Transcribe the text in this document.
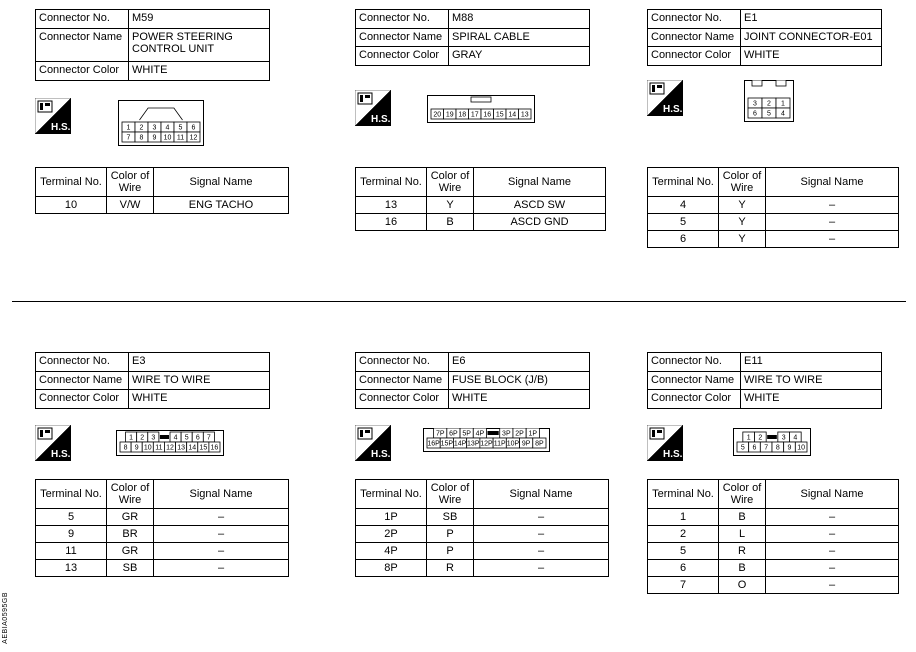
AEBIA0595GB
Connector No.	M59
Connector Name	POWER STEERING CONTROL UNIT
Connector Color	WHITE
H.S.	1 2 3 4 5 6
7 8 9 10 11 12
Terminal No.	Color of Wire	Signal Name
10	V/W	ENG TACHO
Connector No.	M88
Connector Name	SPIRAL CABLE
Connector Color	GRAY
H.S.	20 19 18 17 16 15 14 13
Terminal No.	Color of Wire	Signal Name
13	Y	ASCD SW
16	B	ASCD GND
Connector No.	E1
Connector Name	JOINT CONNECTOR-E01
Connector Color	WHITE
H.S.	3 2 1
6 5 4
Terminal No.	Color of Wire	Signal Name
4	Y	–
5	Y	–
6	Y	–
Connector No.	E3
Connector Name	WIRE TO WIRE
Connector Color	WHITE
H.S.
1 2 3	4 5 6 7
8 9 10 11 12 13 14 15 16
Terminal No.	Color of Wire	Signal Name
5	GR	–
9	BR	–
11	GR	–
13	SB	–
Connector No.	E6
Connector Name	FUSE BLOCK (J/B)
Connector Color	WHITE
H.S.
7P 6P 5P 4P	3P 2P 1P
16P 15P 14P 13P 12P 11P 10P 9P 8P
Terminal No.	Color of Wire	Signal Name
1P	SB	–
2P	P	–
4P	P	–
8P	R	–
Connector No.	E11
Connector Name	WIRE TO WIRE
Connector Color	WHITE
H.S.
1 2	3 4
5 6 7 8 9 10
Terminal No.	Color of Wire	Signal Name
1	B	–
2	L	–
5	R	–
6	B	–
7	O	–
